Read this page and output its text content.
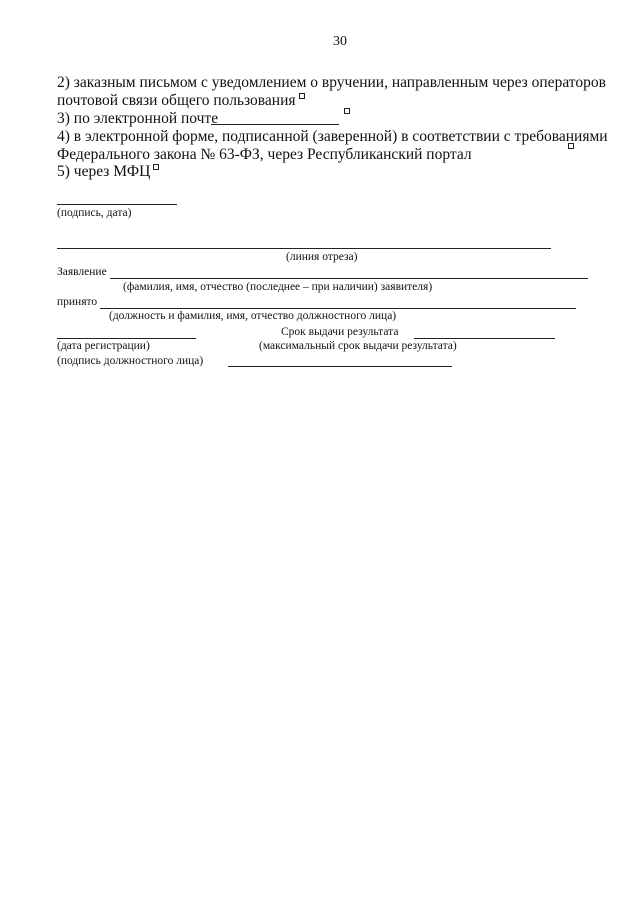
30
2) заказным письмом с уведомлением о вручении, направленным через операторов
почтовой связи общего пользования
3) по электронной почте
4) в электронной форме, подписанной (заверенной) в соответствии с требованиями
Федерального закона № 63-ФЗ, через Республиканский портал
5) через МФЦ
(подпись, дата)
(линия отреза)
Заявление
(фамилия, имя, отчество (последнее – при наличии) заявителя)
принято
(должность и фамилия, имя, отчество должностного лица)
Срок выдачи результата
(дата регистрации)	(максимальный срок выдачи результата)
(подпись должностного лица)
